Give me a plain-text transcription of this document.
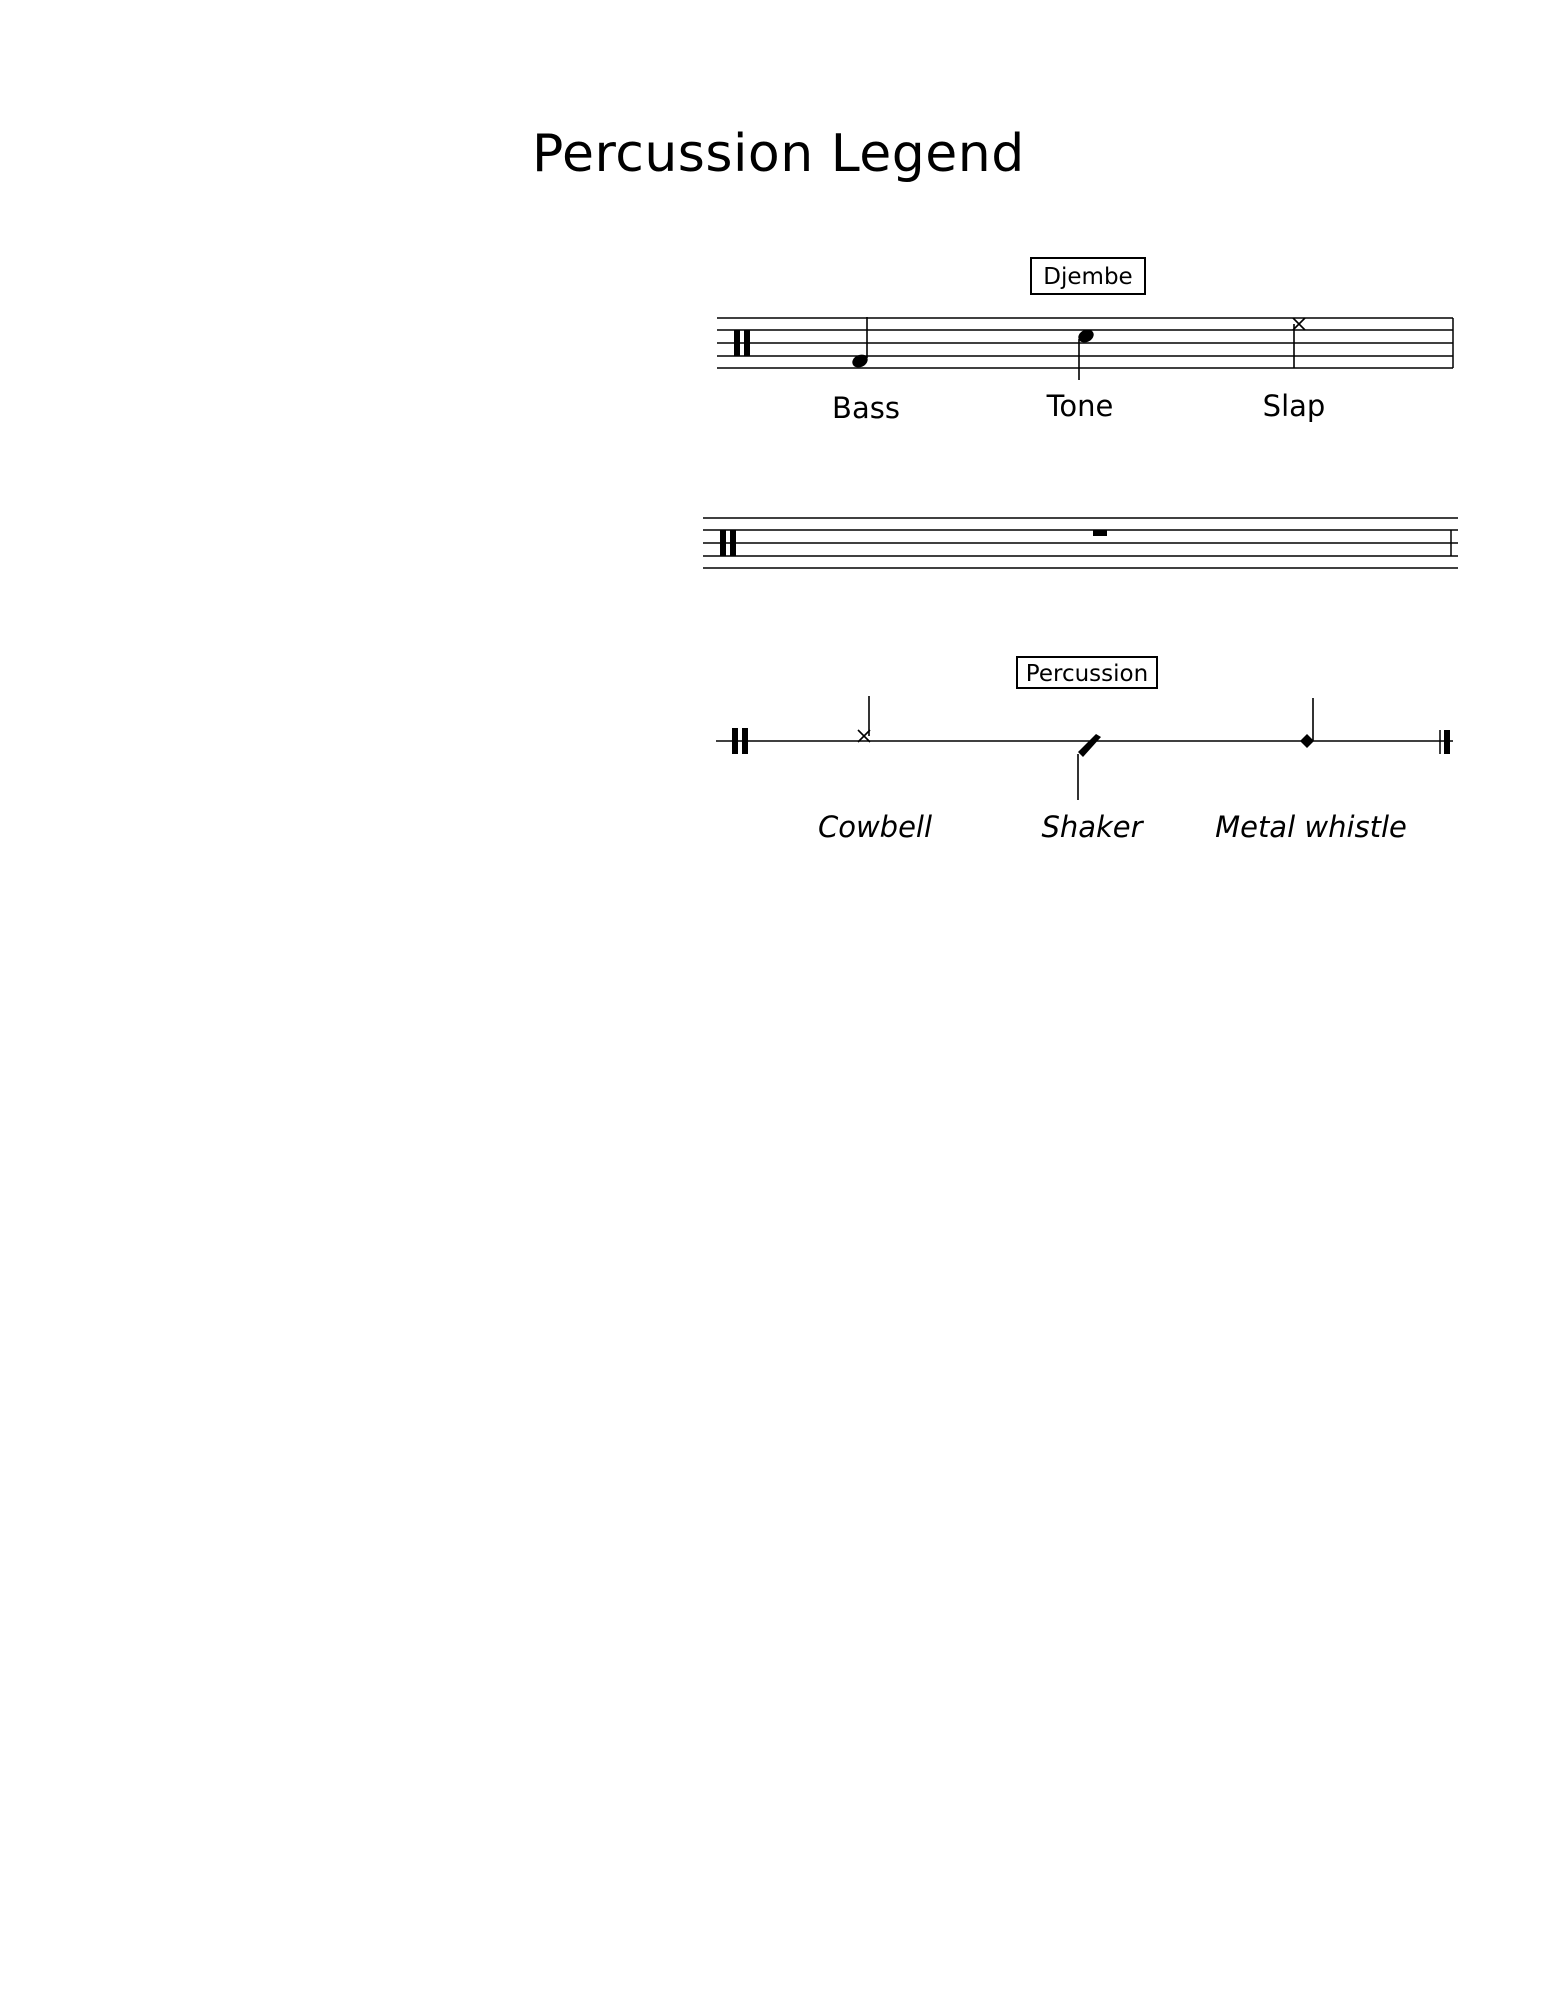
Percussion Legend
Djembe
Bass	Tone	Slap
Percussion
Cowbell	Shaker	Metal whistle
